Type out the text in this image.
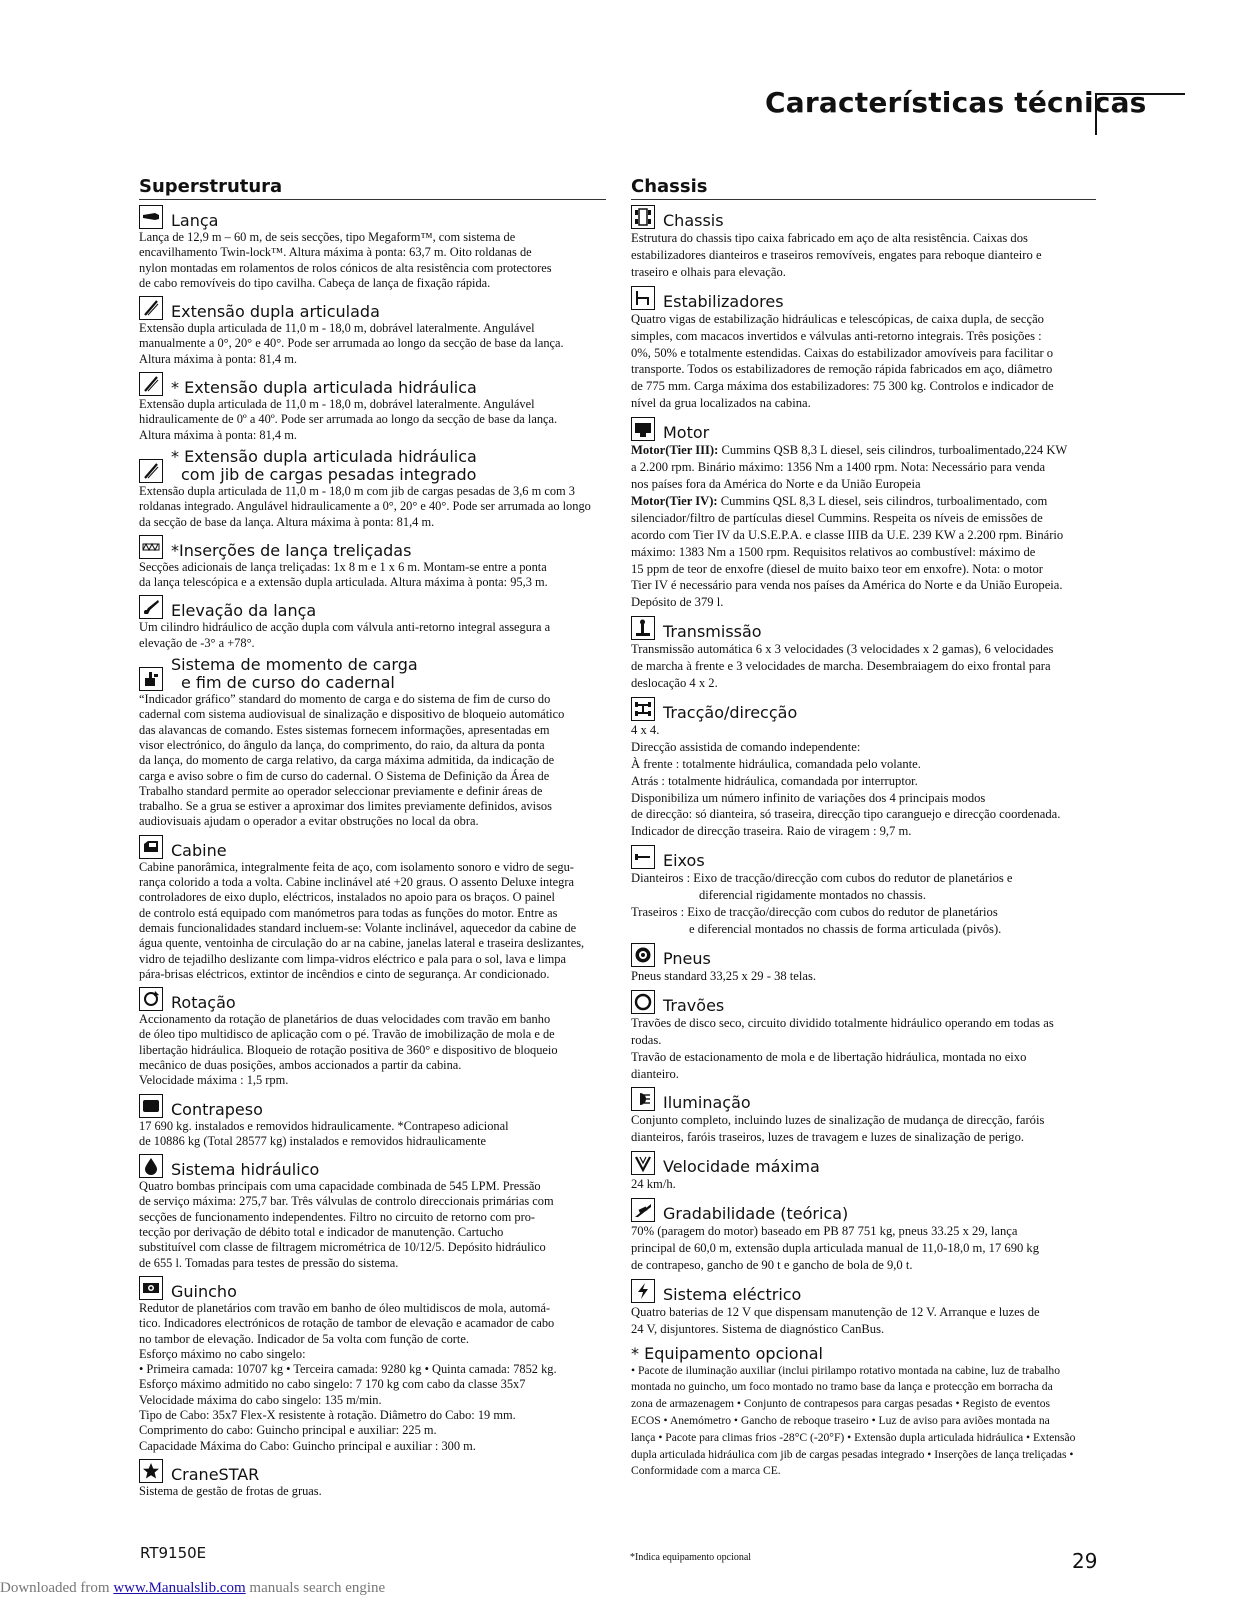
Características técnicas
Superstrutura
Lança

Lança de 12,9 m – 60 m, de seis secções, tipo Megaform™, com sistema de

encavilhamento Twin-lock™. Altura máxima à ponta: 63,7 m. Oito roldanas de

nylon montadas em rolamentos de rolos cónicos de alta resistência com protectores

de cabo removíveis do tipo cavilha. Cabeça de lança de fixação rápida.

Extensão dupla articulada

Extensão dupla articulada de 11,0 m - 18,0 m, dobrável lateralmente. Angulável

manualmente a 0°, 20° e 40°. Pode ser arrumada ao longo da secção de base da lança.

Altura máxima à ponta: 81,4 m.

* Extensão dupla articulada hidráulica

Extensão dupla articulada de 11,0 m - 18,0 m, dobrável lateralmente. Angulável

hidraulicamente de 0º a 40º. Pode ser arrumada ao longo da secção de base da lança.

Altura máxima à ponta: 81,4 m.

* Extensão dupla articulada hidráulica
com jib de cargas pesadas integrado

Extensão dupla articulada de 11,0 m - 18,0 m com jib de cargas pesadas de 3,6 m com 3

roldanas integrado. Angulável hidraulicamente a 0°, 20° e 40°. Pode ser arrumada ao longo

da secção de base da lança. Altura máxima à ponta: 81,4 m.

*Inserções de lança treliçadas

Secções adicionais de lança treliçadas: 1x 8 m e 1 x 6 m. Montam-se entre a ponta

da lança telescópica e a extensão dupla articulada. Altura máxima à ponta: 95,3 m.

Elevação da lança

Um cilindro hidráulico de acção dupla com válvula anti-retorno integral assegura a

elevação de -3° a +78°.

Sistema de momento de carga
e fim de curso do cadernal

“Indicador gráfico” standard do momento de carga e do sistema de fim de curso do

cadernal com sistema audiovisual de sinalização e dispositivo de bloqueio automático

das alavancas de comando. Estes sistemas fornecem informações, apresentadas em

visor electrónico, do ângulo da lança, do comprimento, do raio, da altura da ponta

da lança, do momento de carga relativo, da carga máxima admitida, da indicação de

carga e aviso sobre o fim de curso do cadernal. O Sistema de Definição da Área de

Trabalho standard permite ao operador seleccionar previamente e definir áreas de

trabalho. Se a grua se estiver a aproximar dos limites previamente definidos, avisos

audiovisuais ajudam o operador a evitar obstruções no local da obra.

Cabine

Cabine panorâmica, integralmente feita de aço, com isolamento sonoro e vidro de segu-

rança colorido a toda a volta. Cabine inclinável até +20 graus. O assento Deluxe integra

controladores de eixo duplo, eléctricos, instalados no apoio para os braços. O painel

de controlo está equipado com manómetros para todas as funções do motor. Entre as

demais funcionalidades standard incluem-se: Volante inclinável, aquecedor da cabine de

água quente, ventoinha de circulação do ar na cabine, janelas lateral e traseira deslizantes,

vidro de tejadilho deslizante com limpa-vidros eléctrico e pala para o sol, lava e limpa

pára-brisas eléctricos, extintor de incêndios e cinto de segurança. Ar condicionado.

Rotação

Accionamento da rotação de planetários de duas velocidades com travão em banho

de óleo tipo multidisco de aplicação com o pé. Travão de imobilização de mola e de

libertação hidráulica. Bloqueio de rotação positiva de 360° e dispositivo de bloqueio

mecânico de duas posições, ambos accionados a partir da cabina.

Velocidade máxima : 1,5 rpm.

Contrapeso

17 690 kg. instalados e removidos hidraulicamente. *Contrapeso adicional

de 10886 kg (Total 28577 kg) instalados e removidos hidraulicamente

Sistema hidráulico

Quatro bombas principais com uma capacidade combinada de 545 LPM. Pressão

de serviço máxima: 275,7 bar. Três válvulas de controlo direccionais primárias com

secções de funcionamento independentes. Filtro no circuito de retorno com pro-

tecção por derivação de débito total e indicador de manutenção. Cartucho

substituível com classe de filtragem micrométrica de 10/12/5. Depósito hidráulico

de 655 l. Tomadas para testes de pressão do sistema.

Guincho

Redutor de planetários com travão em banho de óleo multidiscos de mola, automá-

tico. Indicadores electrónicos de rotação de tambor de elevação e acamador de cabo

no tambor de elevação. Indicador de 5a volta com função de corte.

Esforço máximo no cabo singelo:

• Primeira camada: 10707 kg • Terceira camada: 9280 kg • Quinta camada: 7852 kg.

Esforço máximo admitido no cabo singelo: 7 170 kg com cabo da classe 35x7

Velocidade máxima do cabo singelo: 135 m/min.

Tipo de Cabo: 35x7 Flex-X resistente à rotação. Diâmetro do Cabo: 19 mm.

Comprimento do cabo: Guincho principal e auxiliar: 225 m.

Capacidade Máxima do Cabo: Guincho principal e auxiliar : 300 m.

CraneSTAR

Sistema de gestão de frotas de gruas.

Chassis
Chassis

Estrutura do chassis tipo caixa fabricado em aço de alta resistência. Caixas dos

estabilizadores dianteiros e traseiros removíveis, engates para reboque dianteiro e

traseiro e olhais para elevação.

Estabilizadores

Quatro vigas de estabilização hidráulicas e telescópicas, de caixa dupla, de secção

simples, com macacos invertidos e válvulas anti-retorno integrais. Três posições :

0%, 50% e totalmente estendidas. Caixas do estabilizador amovíveis para facilitar o

transporte. Todos os estabilizadores de remoção rápida fabricados em aço, diâmetro

de 775 mm. Carga máxima dos estabilizadores: 75 300 kg. Controlos e indicador de

nível da grua localizados na cabina.

Motor

Motor(Tier III): Cummins QSB 8,3 L diesel, seis cilindros, turboalimentado,224 KW

a 2.200 rpm. Binário máximo: 1356 Nm a 1400 rpm. Nota: Necessário para venda

nos países fora da América do Norte e da União Europeia

Motor(Tier IV): Cummins QSL 8,3 L diesel, seis cilindros, turboalimentado, com

silenciador/filtro de partículas diesel Cummins. Respeita os níveis de emissões de

acordo com Tier IV da U.S.E.P.A. e classe IIIB da U.E. 239 KW a 2.200 rpm. Binário

máximo: 1383 Nm a 1500 rpm. Requisitos relativos ao combustível: máximo de

15 ppm de teor de enxofre (diesel de muito baixo teor em enxofre). Nota: o motor

Tier IV é necessário para venda nos países da América do Norte e da União Europeia.

Depósito de 379 l.

Transmissão

Transmissão automática 6 x 3 velocidades (3 velocidades x 2 gamas), 6 velocidades

de marcha à frente e 3 velocidades de marcha. Desembraiagem do eixo frontal para

deslocação 4 x 2.

Tracção/direcção

4 x 4.

Direcção assistida de comando independente:

À frente : totalmente hidráulica, comandada pelo volante.

Atrás : totalmente hidráulica, comandada por interruptor.

Disponibiliza um número infinito de variações dos 4 principais modos

de direcção: só dianteira, só traseira, direcção tipo caranguejo e direcção coordenada.

Indicador de direcção traseira. Raio de viragem : 9,7 m.

Eixos

Dianteiros : Eixo de tracção/direcção com cubos do redutor de planetários e

diferencial rigidamente montados no chassis.

Traseiros : Eixo de tracção/direcção com cubos do redutor de planetários

e diferencial montados no chassis de forma articulada (pivôs).

Pneus

Pneus standard 33,25 x 29 - 38 telas.

Travões

Travões de disco seco, circuito dividido totalmente hidráulico operando em todas as

rodas.

Travão de estacionamento de mola e de libertação hidráulica, montada no eixo

dianteiro.

Iluminação

Conjunto completo, incluindo luzes de sinalização de mudança de direcção, faróis

dianteiros, faróis traseiros, luzes de travagem e luzes de sinalização de perigo.

Velocidade máxima

24 km/h.

Gradabilidade (teórica)

70% (paragem do motor) baseado em PB 87 751 kg, pneus 33.25 x 29, lança

principal de 60,0 m, extensão dupla articulada manual de 11,0-18,0 m, 17 690 kg

de contrapeso, gancho de 90 t e gancho de bola de 9,0 t.

Sistema eléctrico

Quatro baterias de 12 V que dispensam manutenção de 12 V. Arranque e luzes de

24 V, disjuntores. Sistema de diagnóstico CanBus.

* Equipamento opcional
• Pacote de iluminação auxiliar (inclui pirilampo rotativo montada na cabine, luz de trabalho
montada no guincho, um foco montado no tramo base da lança e protecção em borracha da
zona de armazenagem • Conjunto de contrapesos para cargas pesadas • Registo de eventos
ECOS • Anemómetro • Gancho de reboque traseiro • Luz de aviso para aviões montada na
lança • Pacote para climas frios -28°C (-20°F) • Extensão dupla articulada hidráulica • Extensão
dupla articulada hidráulica com jib de cargas pesadas integrado • Inserções de lança treliçadas •
Conformidade com a marca CE.
RT9150E	*Indica equipamento opcional	29
Downloaded from www.Manualslib.com manuals search engine
